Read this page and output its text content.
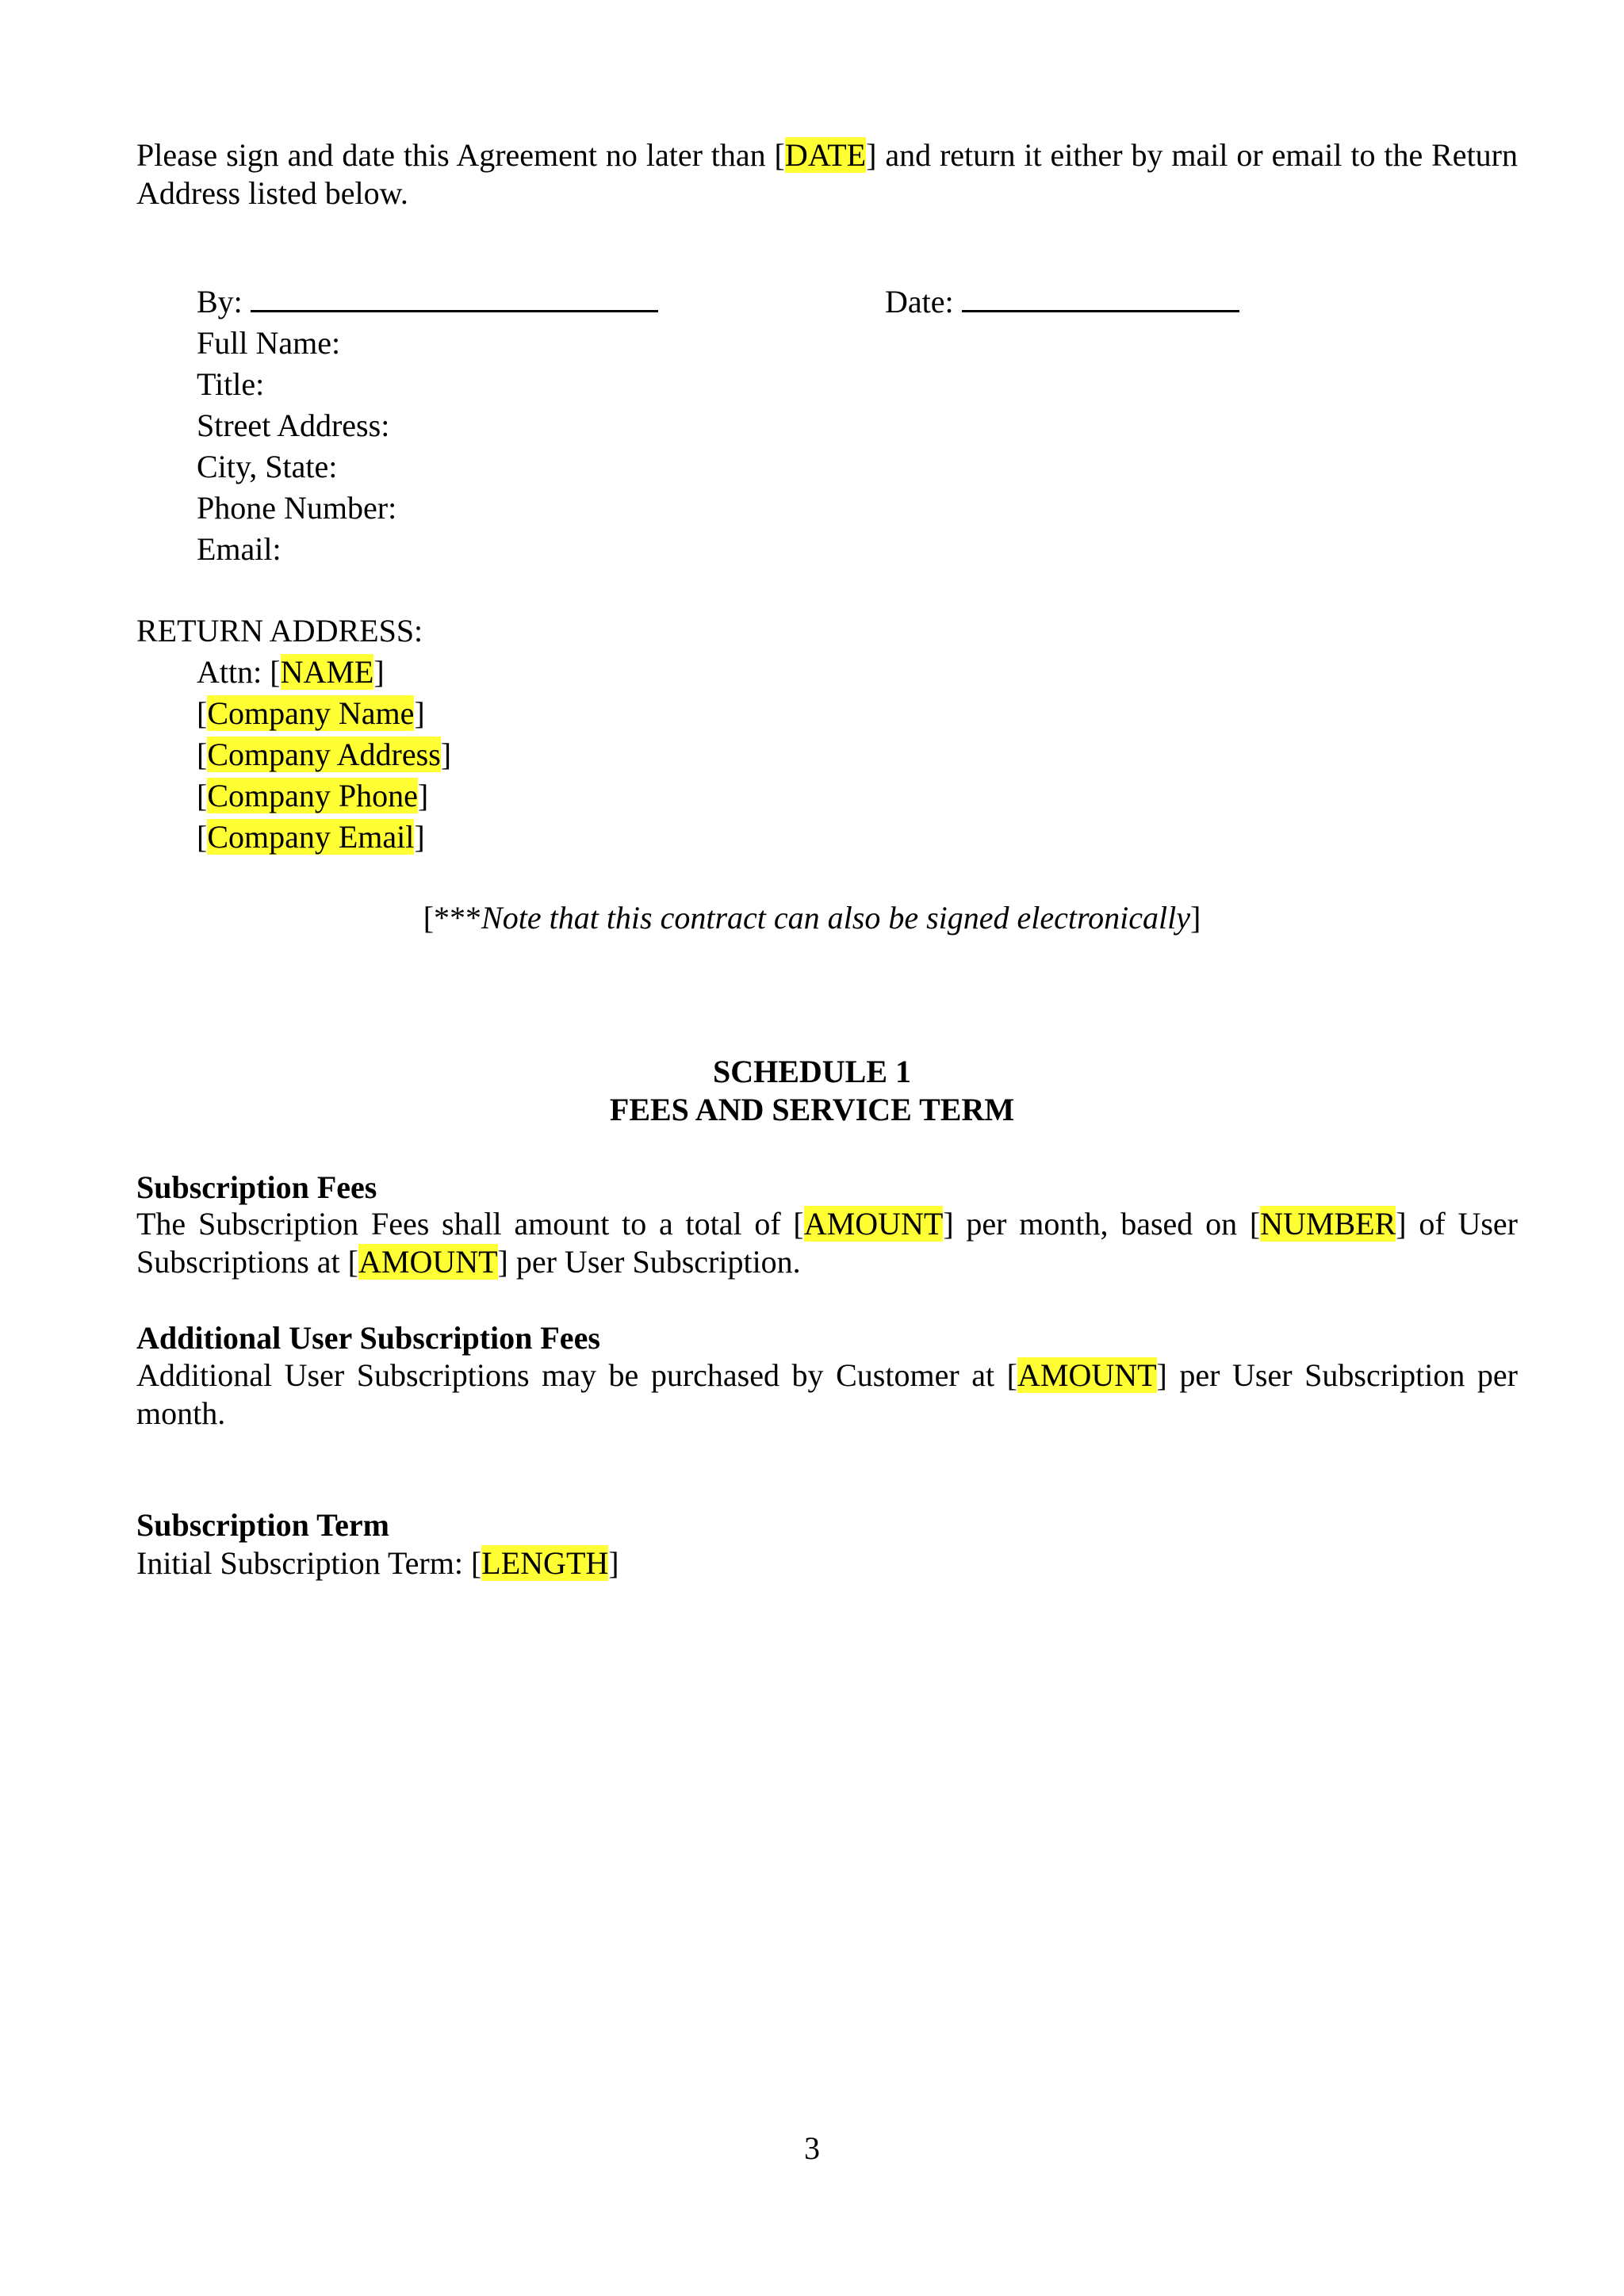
Please sign and date this Agreement no later than [DATE] and return it either by mail or email to the Return Address listed below.
By:	Date:
Full Name:
Title:
Street Address:
City, State:
Phone Number:
Email:
RETURN ADDRESS:
Attn: [NAME]
[Company Name]
[Company Address]
[Company Phone]
[Company Email]
[***Note that this contract can also be signed electronically]
SCHEDULE 1
FEES AND SERVICE TERM
Subscription Fees
The Subscription Fees shall amount to a total of [AMOUNT] per month, based on [NUMBER] of User Subscriptions at [AMOUNT] per User Subscription.
Additional User Subscription Fees
Additional User Subscriptions may be purchased by Customer at [AMOUNT] per User Subscription per month.
Subscription Term
Initial Subscription Term: [LENGTH]
3
